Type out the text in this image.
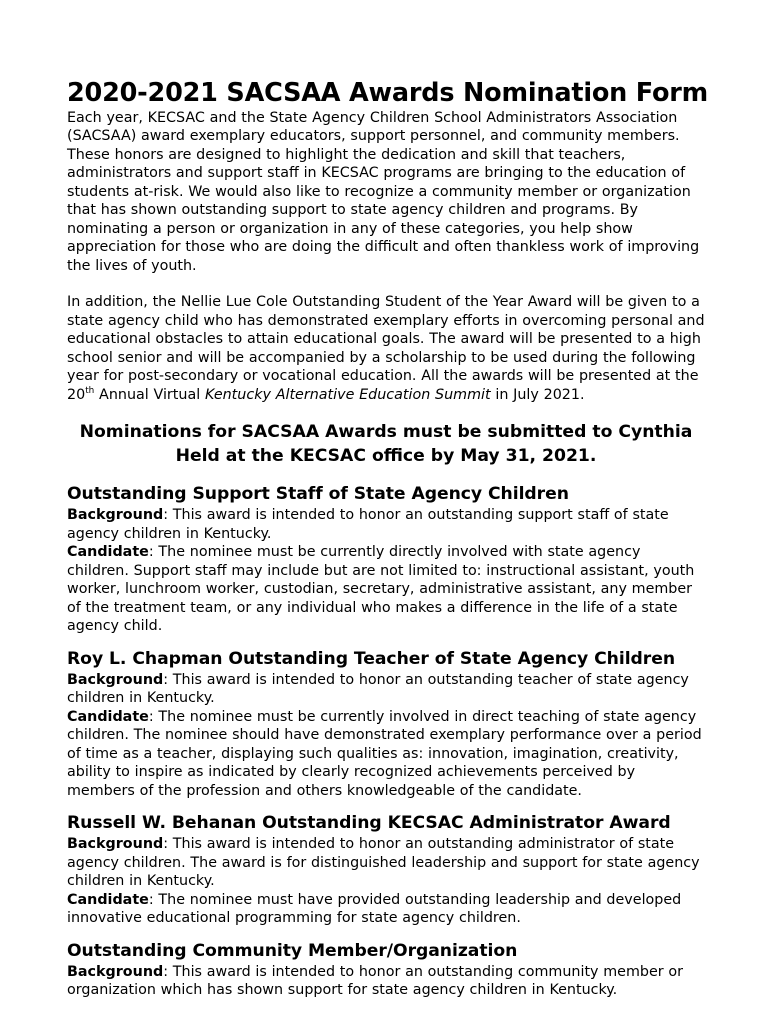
2020-2021 SACSAA Awards Nomination Form

Each year, KECSAC and the State Agency Children School Administrators Association (SACSAA) award exemplary educators, support personnel, and community members. These honors are designed to highlight the dedication and skill that teachers, administrators and support staff in KECSAC programs are bringing to the education of students at-risk. We would also like to recognize a community member or organization that has shown outstanding support to state agency children and programs. By nominating a person or organization in any of these categories, you help show appreciation for those who are doing the difficult and often thankless work of improving the lives of youth.

In addition, the Nellie Lue Cole Outstanding Student of the Year Award will be given to a state agency child who has demonstrated exemplary efforts in overcoming personal and educational obstacles to attain educational goals. The award will be presented to a high school senior and will be accompanied by a scholarship to be used during the following year for post-secondary or vocational education. All the awards will be presented at the 20th Annual Virtual Kentucky Alternative Education Summit in July 2021.

Nominations for SACSAA Awards must be submitted to Cynthia Held at the KECSAC office by May 31, 2021.

Outstanding Support Staff of State Agency Children

Background: This award is intended to honor an outstanding support staff of state agency children in Kentucky.

Candidate: The nominee must be currently directly involved with state agency children. Support staff may include but are not limited to: instructional assistant, youth worker, lunchroom worker, custodian, secretary, administrative assistant, any member of the treatment team, or any individual who makes a difference in the life of a state agency child.

Roy L. Chapman Outstanding Teacher of State Agency Children

Background: This award is intended to honor an outstanding teacher of state agency children in Kentucky.

Candidate: The nominee must be currently involved in direct teaching of state agency children. The nominee should have demonstrated exemplary performance over a period of time as a teacher, displaying such qualities as: innovation, imagination, creativity, ability to inspire as indicated by clearly recognized achievements perceived by members of the profession and others knowledgeable of the candidate.

Russell W. Behanan Outstanding KECSAC Administrator Award

Background: This award is intended to honor an outstanding administrator of state agency children. The award is for distinguished leadership and support for state agency children in Kentucky.

Candidate: The nominee must have provided outstanding leadership and developed innovative educational programming for state agency children.

Outstanding Community Member/Organization

Background: This award is intended to honor an outstanding community member or organization which has shown support for state agency children in Kentucky.
